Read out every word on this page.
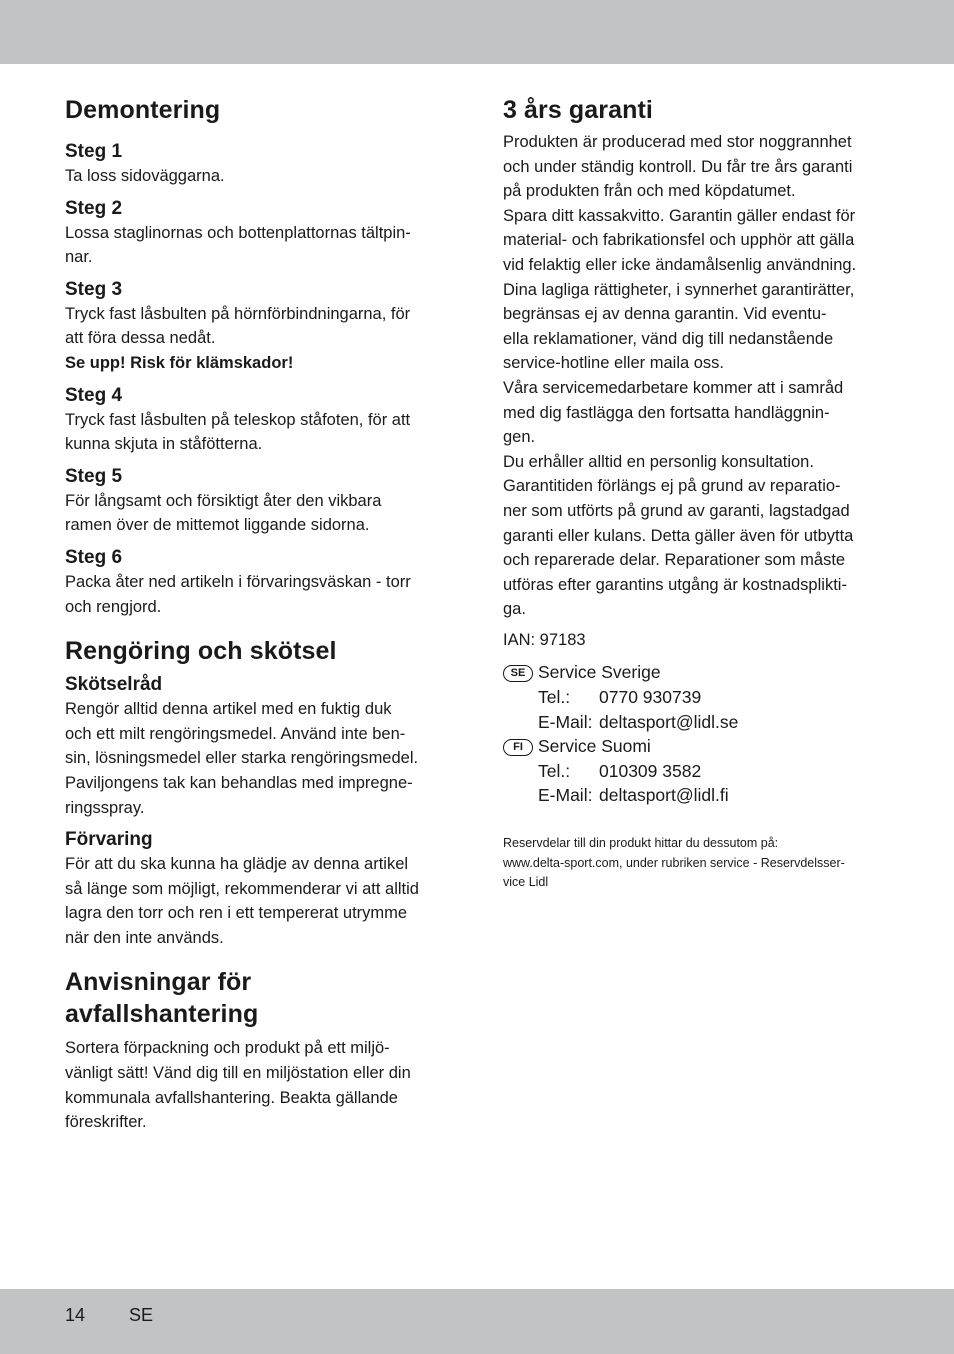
Demontering
Steg 1

Ta loss sidoväggarna.

Steg 2

Lossa staglinornas och bottenplattornas tältpin-

nar.

Steg 3

Tryck fast låsbulten på hörnförbindningarna, för

att föra dessa nedåt.

Se upp! Risk för klämskador!

Steg 4

Tryck fast låsbulten på teleskop ståfoten, för att

kunna skjuta in ståfötterna.

Steg 5

För långsamt och försiktigt åter den vikbara

ramen över de mittemot liggande sidorna.

Steg 6

Packa åter ned artikeln i förvaringsväskan - torr

och rengjord.

Rengöring och skötsel
Skötselråd

Rengör alltid denna artikel med en fuktig duk

och ett milt rengöringsmedel. Använd inte ben-

sin, lösningsmedel eller starka rengöringsmedel.

Paviljongens tak kan behandlas med impregne-

ringsspray.

Förvaring

För att du ska kunna ha glädje av denna artikel

så länge som möjligt, rekommenderar vi att alltid

lagra den torr och ren i ett tempererat utrymme

när den inte används.

Anvisningar för
avfallshantering

Sortera förpackning och produkt på ett miljö-

vänligt sätt! Vänd dig till en miljöstation eller din

kommunala avfallshantering. Beakta gällande

föreskrifter.

3 års garanti

Produkten är producerad med stor noggrannhet

och under ständig kontroll. Du får tre års garanti

på produkten från och med köpdatumet.

Spara ditt kassakvitto. Garantin gäller endast för

material- och fabrikationsfel och upphör att gälla

vid felaktig eller icke ändamålsenlig användning.

Dina lagliga rättigheter, i synnerhet garantirätter,

begränsas ej av denna garantin. Vid eventu-

ella reklamationer, vänd dig till nedanstående

service-hotline eller maila oss.

Våra servicemedarbetare kommer att i samråd

med dig fastlägga den fortsatta handläggnin-

gen.

Du erhåller alltid en personlig konsultation.

Garantitiden förlängs ej på grund av reparatio-

ner som utförts på grund av garanti, lagstadgad

garanti eller kulans. Detta gäller även för utbytta

och reparerade delar. Reparationer som måste

utföras efter garantins utgång är kostnadsplikti-

ga.

IAN: 97183

SE Service Sverige
Tel.: 0770 930739
E-Mail: deltasport@lidl.se
FI Service Suomi
Tel.: 010309 3582
E-Mail: deltasport@lidl.fi

Reservdelar till din produkt hittar du dessutom på:

www.delta-sport.com, under rubriken service - Reservdelsser-

vice Lidl

14 SE
